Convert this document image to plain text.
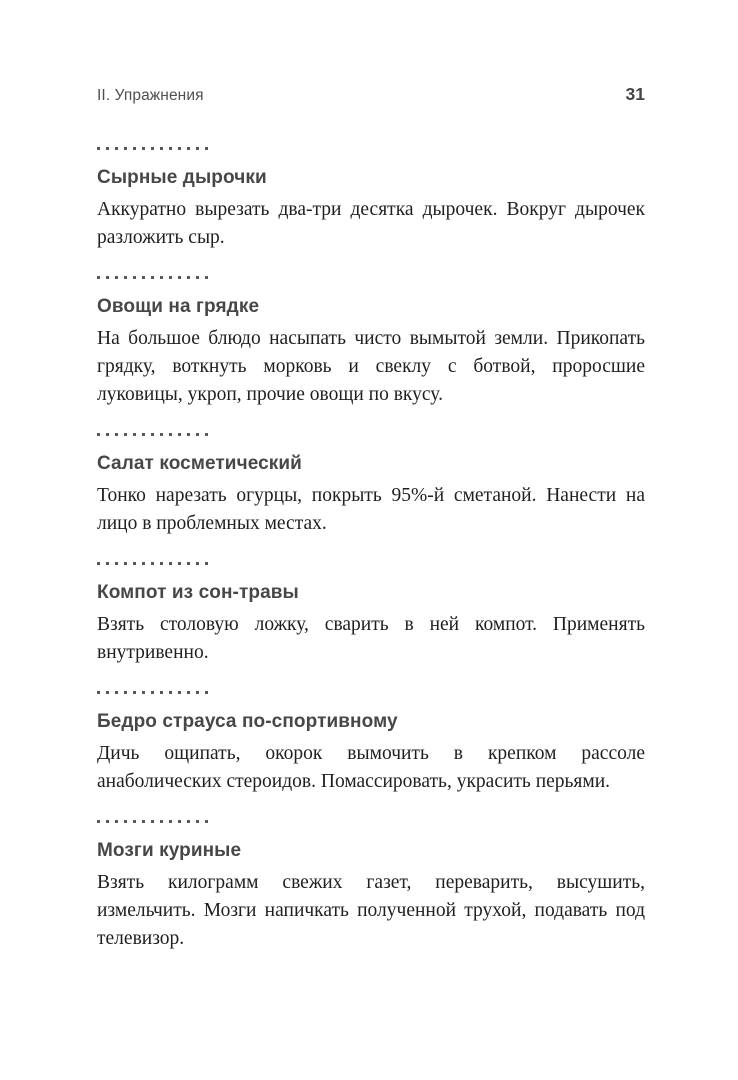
II. Упражнения	31
Сырные дырочки

Аккуратно вырезать два-три десятка дырочек. Вокруг дырочек разложить сыр.

Овощи на грядке

На большое блюдо насыпать чисто вымытой земли. Прикопать грядку, воткнуть морковь и свеклу с ботвой, проросшие луковицы, укроп, прочие овощи по вкусу.

Салат косметический

Тонко нарезать огурцы, покрыть 95%-й сметаной. Нанести на лицо в проблемных местах.

Компот из сон-травы

Взять столовую ложку, сварить в ней компот. Применять внутривенно.

Бедро страуса по-спортивному

Дичь ощипать, окорок вымочить в крепком рассоле анаболических стероидов. Помассировать, украсить перьями.

Мозги куриные

Взять килограмм свежих газет, переварить, высушить, измельчить. Мозги напичкать полученной трухой, подавать под телевизор.
